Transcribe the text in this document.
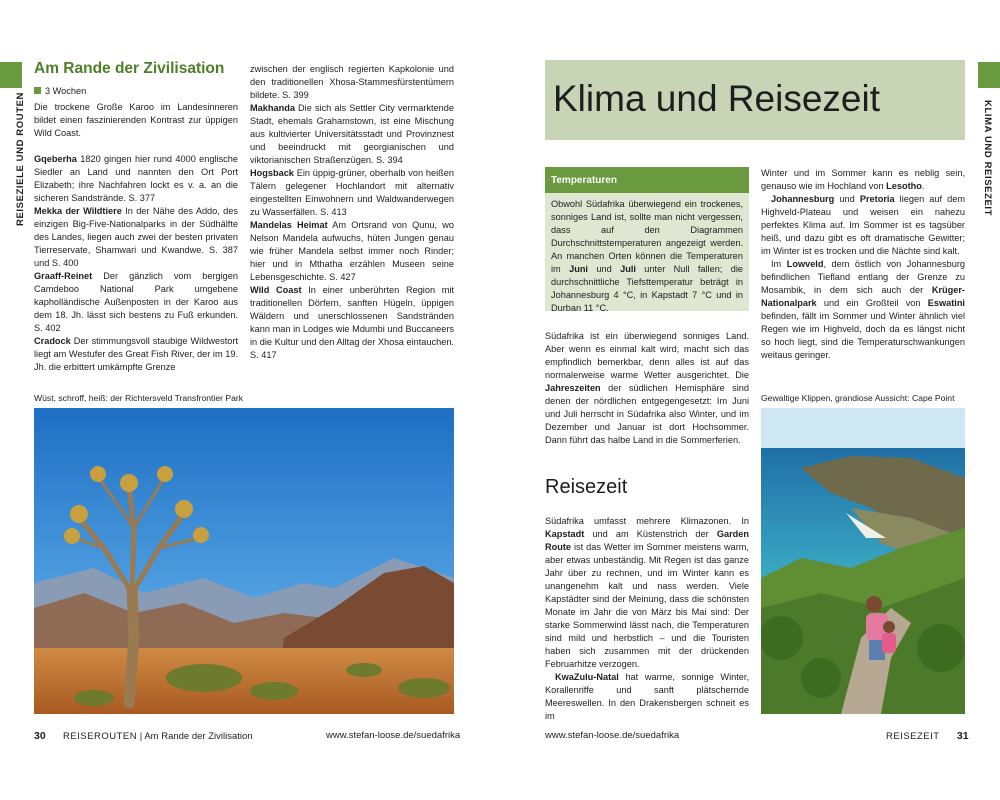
REISEZIELE UND ROUTEN
Am Rande der Zivilisation
3 Wochen

Die trockene Große Karoo im Landesinneren bildet einen faszinierenden Kontrast zur üppigen Wild Coast.

Gqeberha 1820 gingen hier rund 4000 englische Siedler an Land und nannten den Ort Port Elizabeth; ihre Nachfahren lockt es v. a. an die sicheren Sandstrände. S. 377

Mekka der Wildtiere In der Nähe des Addo, des einzigen Big-Five-Nationalparks in der Südhälfte des Landes, liegen auch zwei der besten privaten Tierreservate, Shamwari und Kwandwe. S. 387 und S. 400

Graaff-Reinet Der gänzlich vom bergigen Camdeboo National Park umgebene kapholländische Außenposten in der Karoo aus dem 18. Jh. lässt sich bestens zu Fuß erkunden. S. 402

Cradock Der stimmungsvoll staubige Wildwestort liegt am Westufer des Great Fish River, der im 19. Jh. die erbittert umkämpfte Grenze

zwischen der englisch regierten Kapkolonie und den traditionellen Xhosa-Stammesfürstentümern bildete. S. 399

Makhanda Die sich als Settler City vermarktende Stadt, ehemals Grahamstown, ist eine Mischung aus kultivierter Universitätsstadt und Provinznest und beeindruckt mit georgianischen und viktorianischen Straßenzügen. S. 394

Hogsback Ein üppig-grüner, oberhalb von heißen Tälern gelegener Hochlandort mit alternativ eingestellten Einwohnern und Waldwanderwegen zu Wasserfällen. S. 413

Mandelas Heimat Am Ortsrand von Qunu, wo Nelson Mandela aufwuchs, hüten Jungen genau wie früher Mandela selbst immer noch Rinder; hier und in Mthatha erzählen Museen seine Lebensgeschichte. S. 427

Wild Coast In einer unberührten Region mit traditionellen Dörfern, sanften Hügeln, üppigen Wäldern und unerschlossenen Sandstränden kann man in Lodges wie Mdumbi und Buccaneers in die Kultur und den Alltag der Xhosa eintauchen. S. 417

Wüst, schroff, heiß: der Richtersveld Transfrontier Park
30 REISEROUTEN | Am Rande der Zivilisation	www.stefan-loose.de/suedafrika
KLIMA UND REISEZEIT
Klima und Reisezeit
Temperaturen
Obwohl Südafrika überwiegend ein trockenes, sonniges Land ist, sollte man nicht vergessen, dass auf den Diagrammen Durchschnittstemperaturen angezeigt werden. An manchen Orten können die Temperaturen im Juni und Juli unter Null fallen; die durchschnittliche Tiefsttemperatur beträgt in Johannesburg 4 °C, in Kapstadt 7 °C und in Durban 11 °C.

Südafrika ist ein überwiegend sonniges Land. Aber wenn es einmal kalt wird, macht sich das empfindlich bemerkbar, denn alles ist auf das normalerweise warme Wetter ausgerichtet. Die Jahreszeiten der südlichen Hemisphäre sind denen der nördlichen entgegengesetzt: Im Juni und Juli herrscht in Südafrika also Winter, und im Dezember und Januar ist dort Hochsommer. Dann führt das halbe Land in die Sommerferien.

Reisezeit

Südafrika umfasst mehrere Klimazonen. In Kapstadt und am Küstenstrich der Garden Route ist das Wetter im Sommer meistens warm, aber etwas unbeständig. Mit Regen ist das ganze Jahr über zu rechnen, und im Winter kann es unangenehm kalt und nass werden. Viele Kapstädter sind der Meinung, dass die schönsten Monate im Jahr die von März bis Mai sind: Der starke Sommerwind lässt nach, die Temperaturen sind mild und herbstlich – und die Touristen haben sich zusammen mit der drückenden Februarhitze verzogen.

KwaZulu-Natal hat warme, sonnige Winter, Korallenriffe und sanft plätschernde Meereswellen. In den Drakensbergen schneit es im

Winter und im Sommer kann es neblig sein, genauso wie im Hochland von Lesotho.

Johannesburg und Pretoria liegen auf dem Highveld-Plateau und weisen ein nahezu perfektes Klima auf. Im Sommer ist es tagsüber heiß, und dazu gibt es oft dramatische Gewitter; im Winter ist es trocken und die Nächte sind kalt.

Im Lowveld, dem östlich von Johannesburg befindlichen Tiefland entlang der Grenze zu Mosambik, in dem sich auch der Krüger-Nationalpark und ein Großteil von Eswatini befinden, fällt im Sommer und Winter ähnlich viel Regen wie im Highveld, doch da es längst nicht so hoch liegt, sind die Temperaturschwankungen weitaus geringer.

Gewaltige Klippen, grandiose Aussicht: Cape Point
www.stefan-loose.de/suedafrika	REISEZEIT 31
